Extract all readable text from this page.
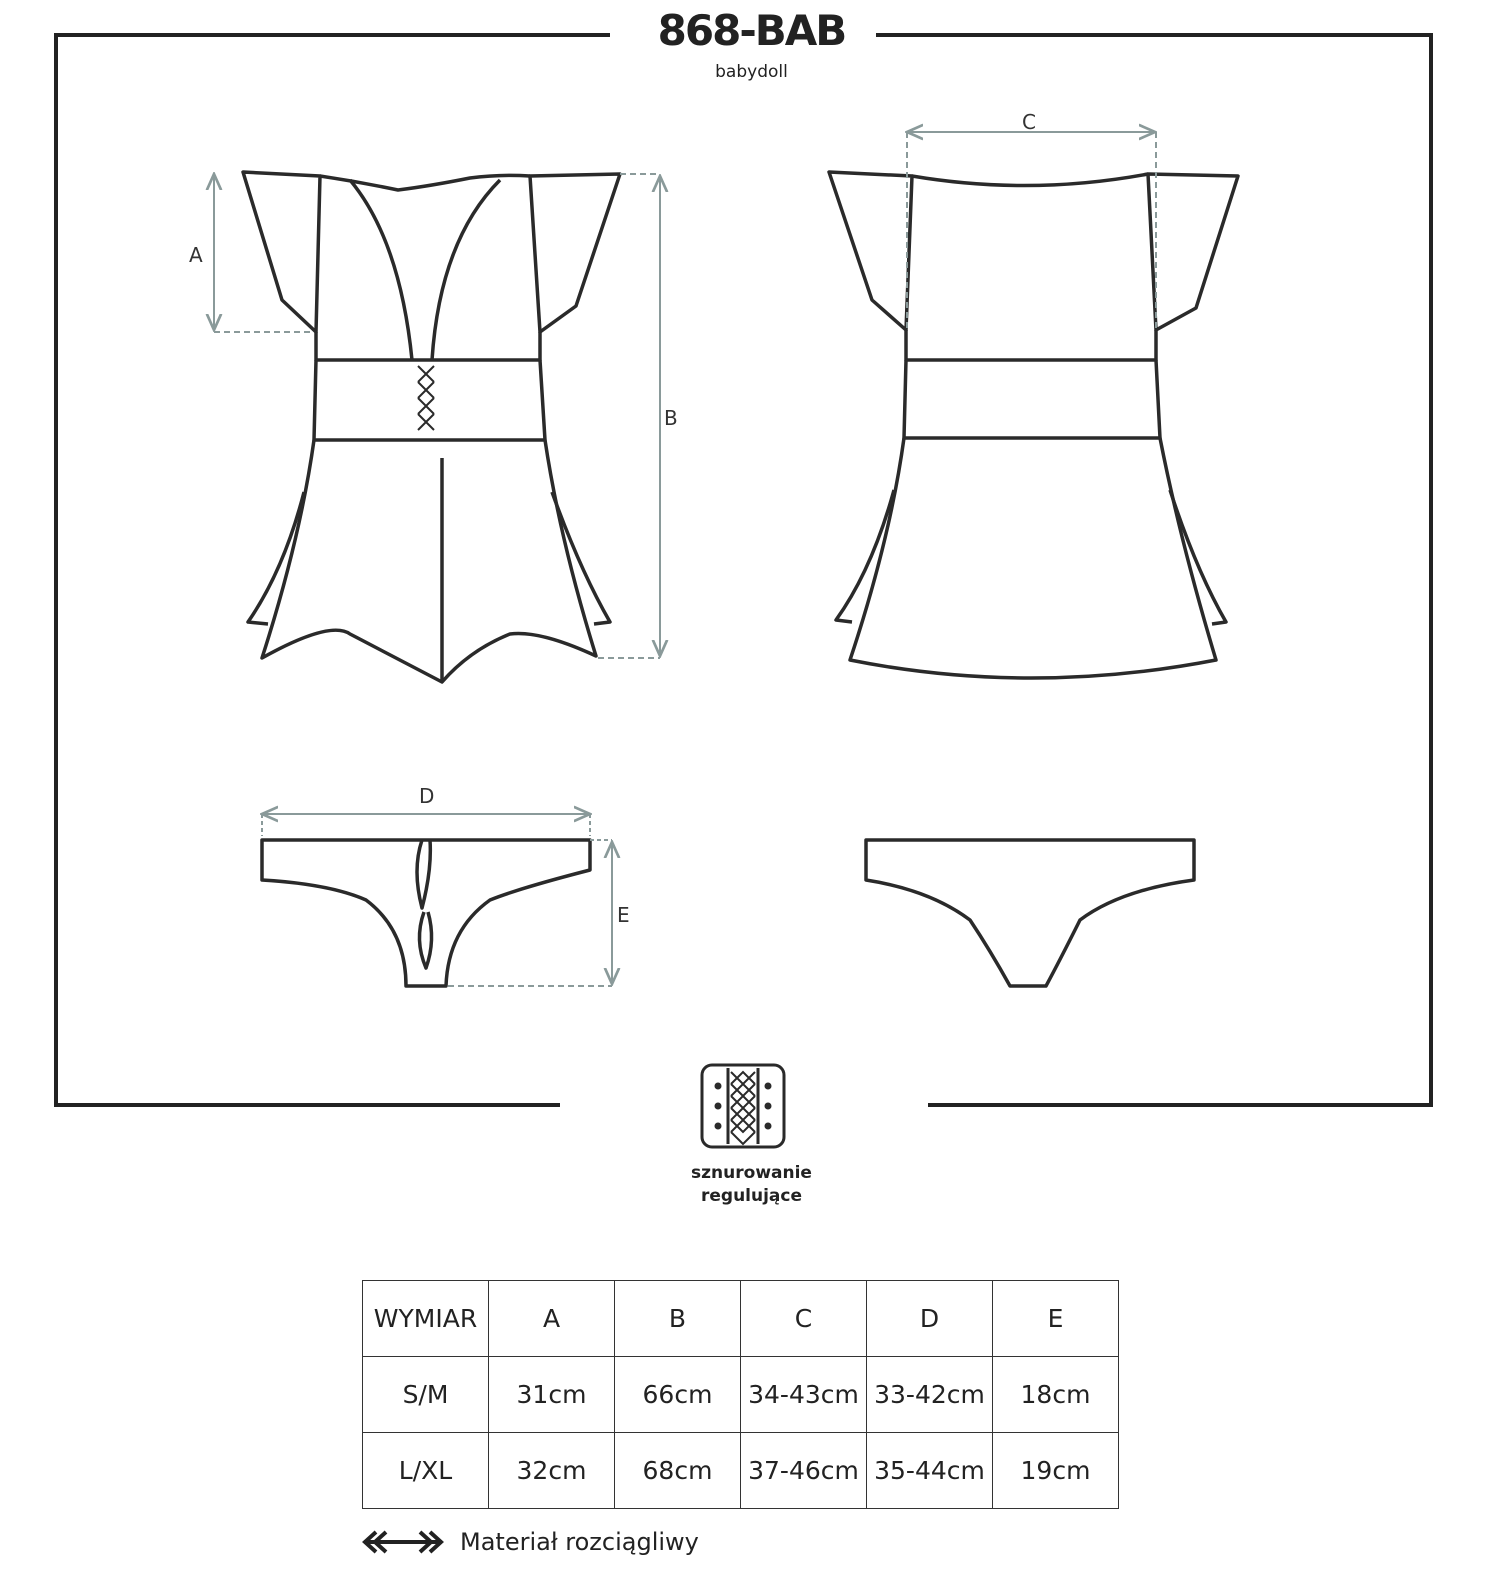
868-BAB
babydoll
A
B
C
D
E
sznurowanie
regulujące
WYMIAR	A	B	C	D	E
S/M	31cm	66cm	34-43cm	33-42cm	18cm
L/XL	32cm	68cm	37-46cm	35-44cm	19cm
Materiał rozciągliwy
